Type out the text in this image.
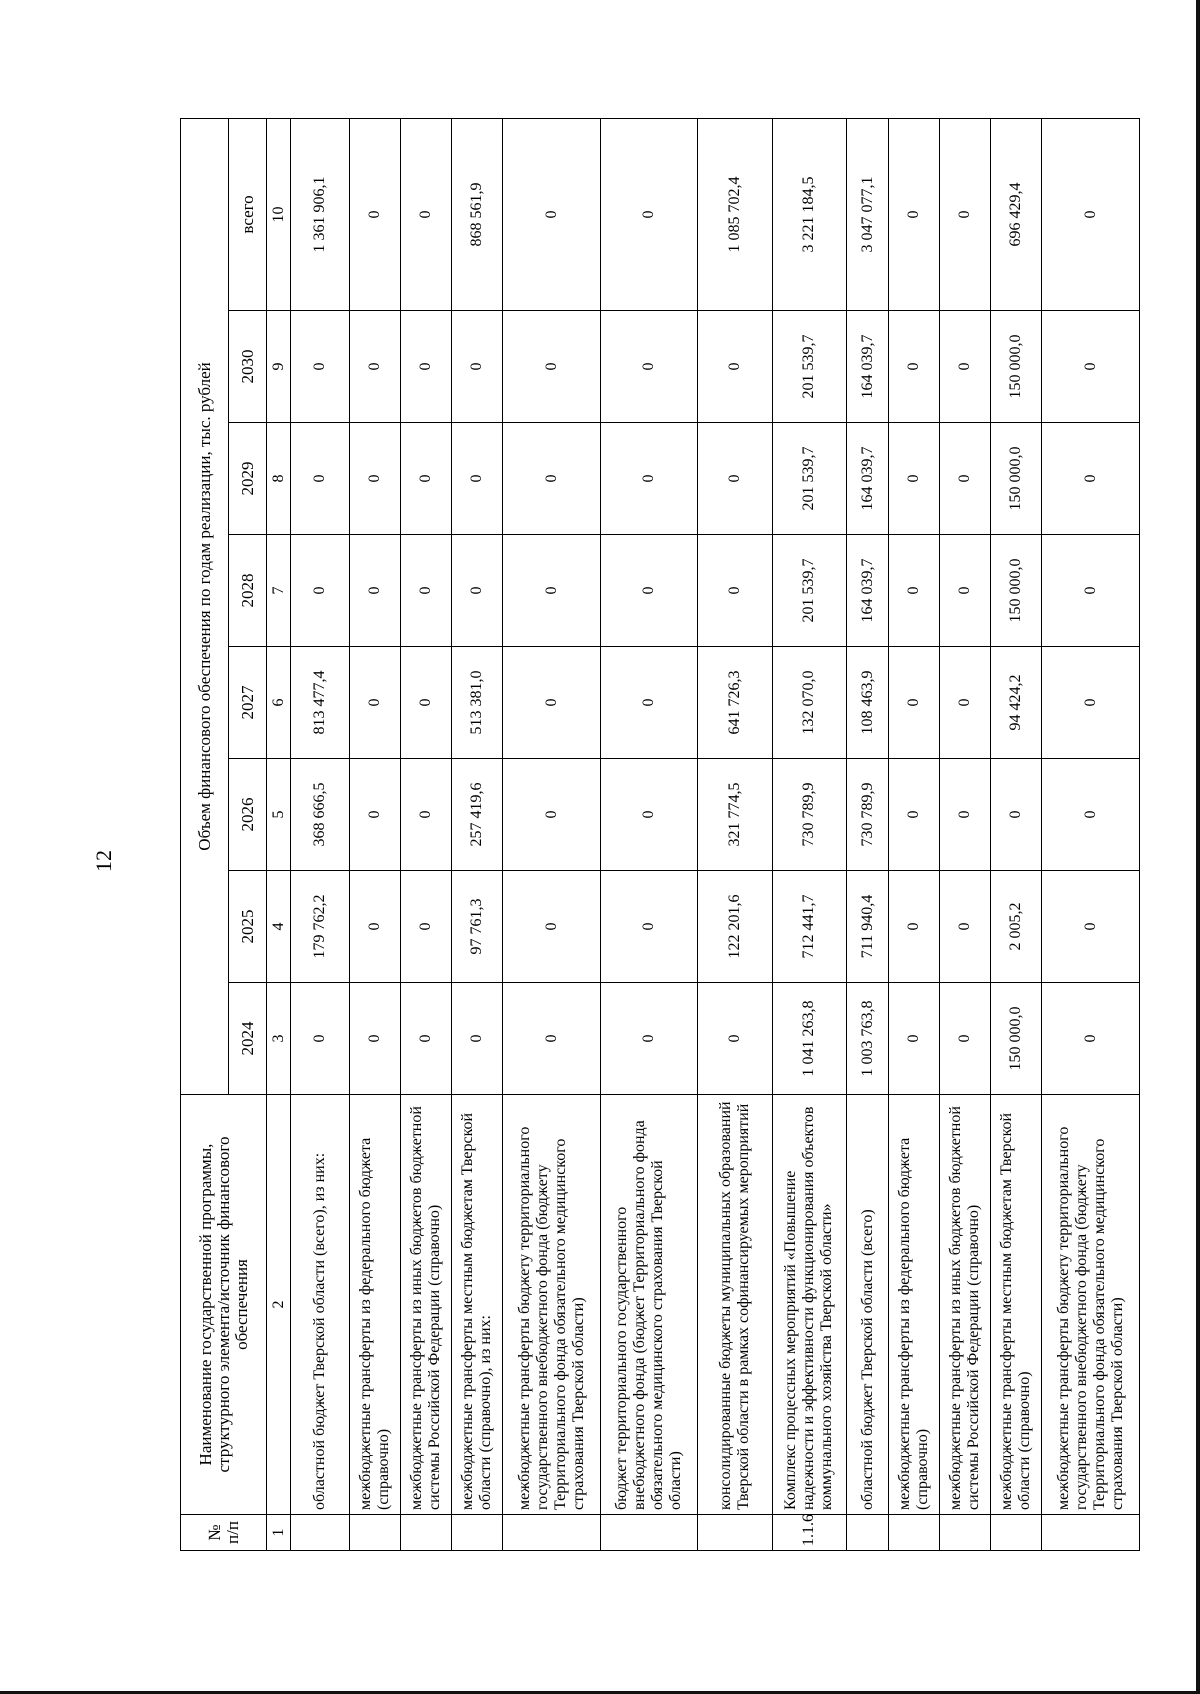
12
№ п/п	Наименование государственной программы, структурного элемента/источник финансового обеспечения	Объем финансового обеспечения по годам реализации, тыс. рублей							
		2024	2025	2026	2027	2028	2029	2030	всего
1	2	3	4	5	6	7	8	9	10
	областной бюджет Тверской области (всего), из них:	0	179 762,2	368 666,5	813 477,4	0	0	0	1 361 906,1
	межбюджетные трансферты из федерального бюджета (справочно)	0	0	0	0	0	0	0	0
	межбюджетные трансферты из иных бюджетов бюджетной системы Российской Федерации (справочно)	0	0	0	0	0	0	0	0
	межбюджетные трансферты местным бюджетам Тверской области (справочно), из них:	0	97 761,3	257 419,6	513 381,0	0	0	0	868 561,9
	межбюджетные трансферты бюджету территориального государственного внебюджетного фонда (бюджету Территориального фонда обязательного медицинского страхования Тверской области)	0	0	0	0	0	0	0	0
	бюджет территориального государственного внебюджетного фонда (бюджет Территориального фонда обязательного медицинского страхования Тверской области)	0	0	0	0	0	0	0	0
	консолидированные бюджеты муниципальных образований Тверской области в рамках софинансируемых мероприятий	0	122 201,6	321 774,5	641 726,3	0	0	0	1 085 702,4
1.1.6	Комплекс процессных мероприятий «Повышение надежности и эффективности функционирования объектов коммунального хозяйства Тверской области»	1 041 263,8	712 441,7	730 789,9	132 070,0	201 539,7	201 539,7	201 539,7	3 221 184,5
	областной бюджет Тверской области (всего)	1 003 763,8	711 940,4	730 789,9	108 463,9	164 039,7	164 039,7	164 039,7	3 047 077,1
	межбюджетные трансферты из федерального бюджета (справочно)	0	0	0	0	0	0	0	0
	межбюджетные трансферты из иных бюджетов бюджетной системы Российской Федерации (справочно)	0	0	0	0	0	0	0	0
	межбюджетные трансферты местным бюджетам Тверской области (справочно)	150 000,0	2 005,2	0	94 424,2	150 000,0	150 000,0	150 000,0	696 429,4
	межбюджетные трансферты бюджету территориального государственного внебюджетного фонда (бюджету Территориального фонда обязательного медицинского страхования Тверской области)	0	0	0	0	0	0	0	0
